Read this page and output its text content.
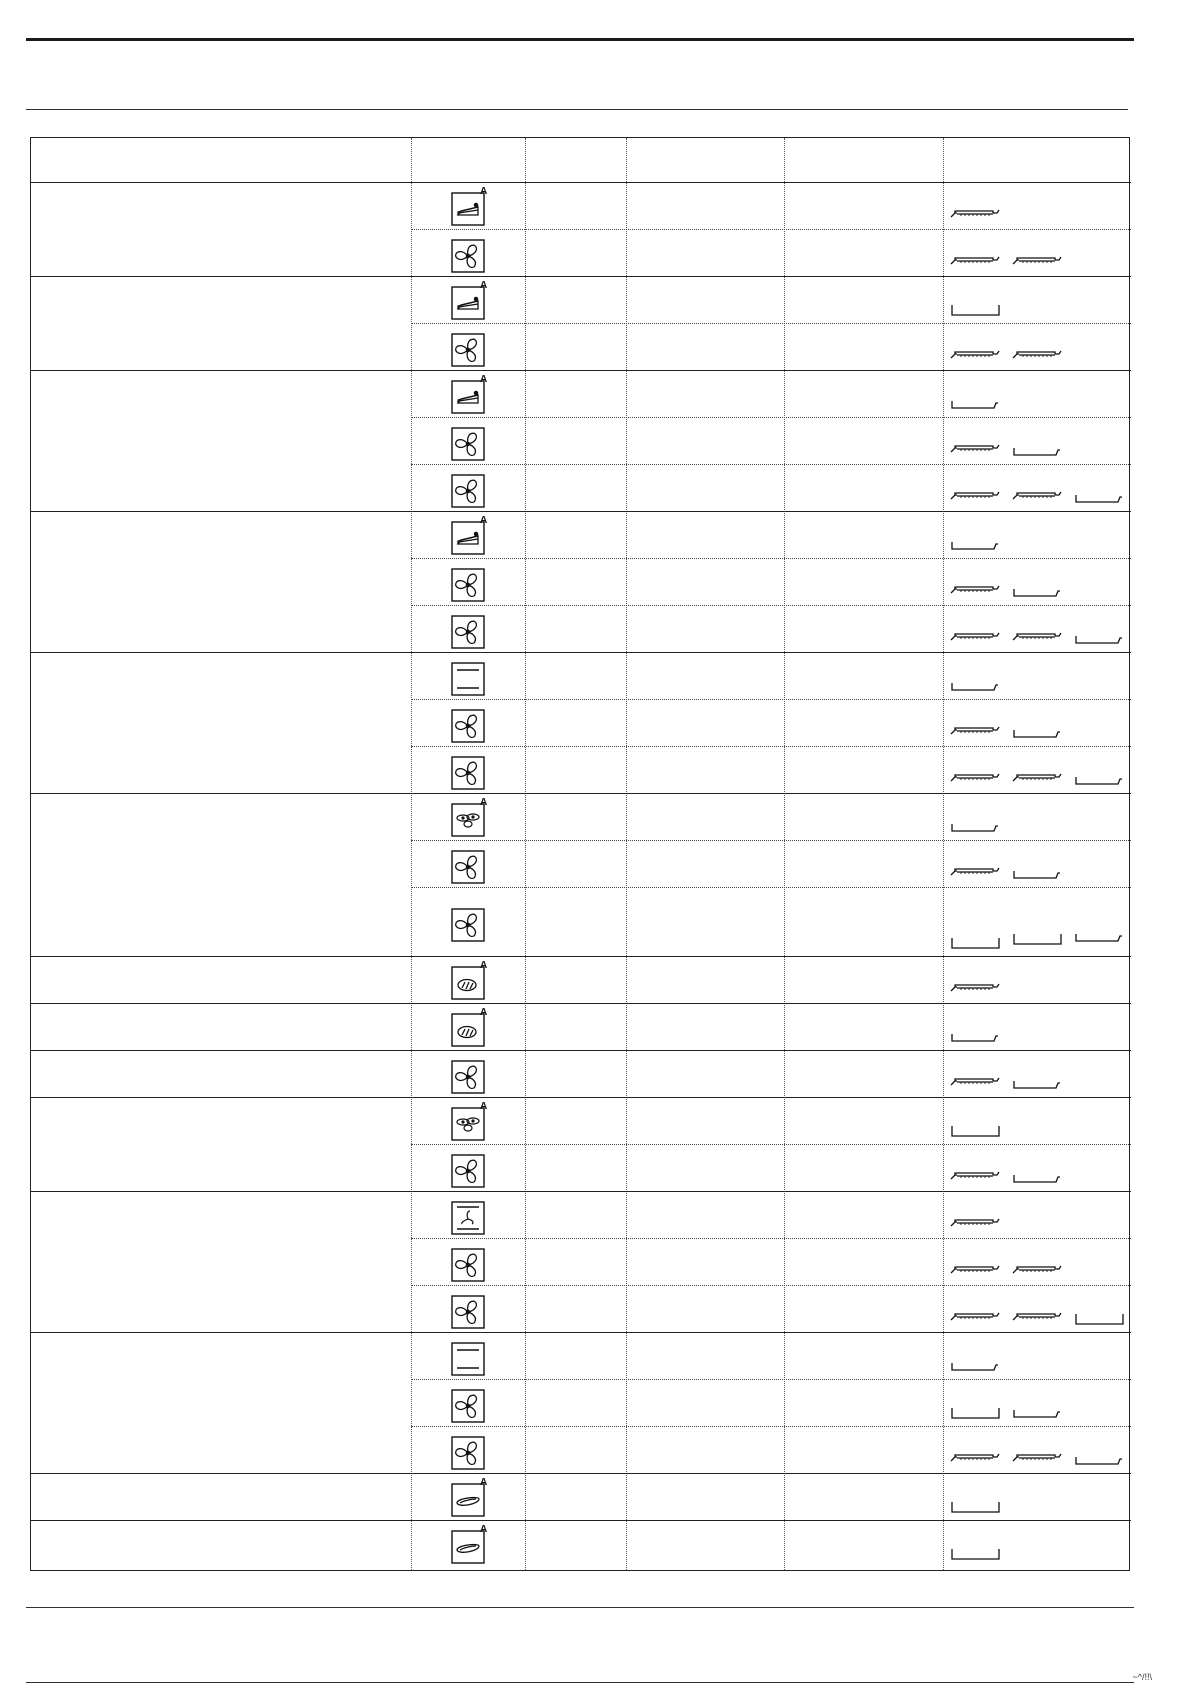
A
A
A
A
A
A
A
A
A
A
~^/!!\
